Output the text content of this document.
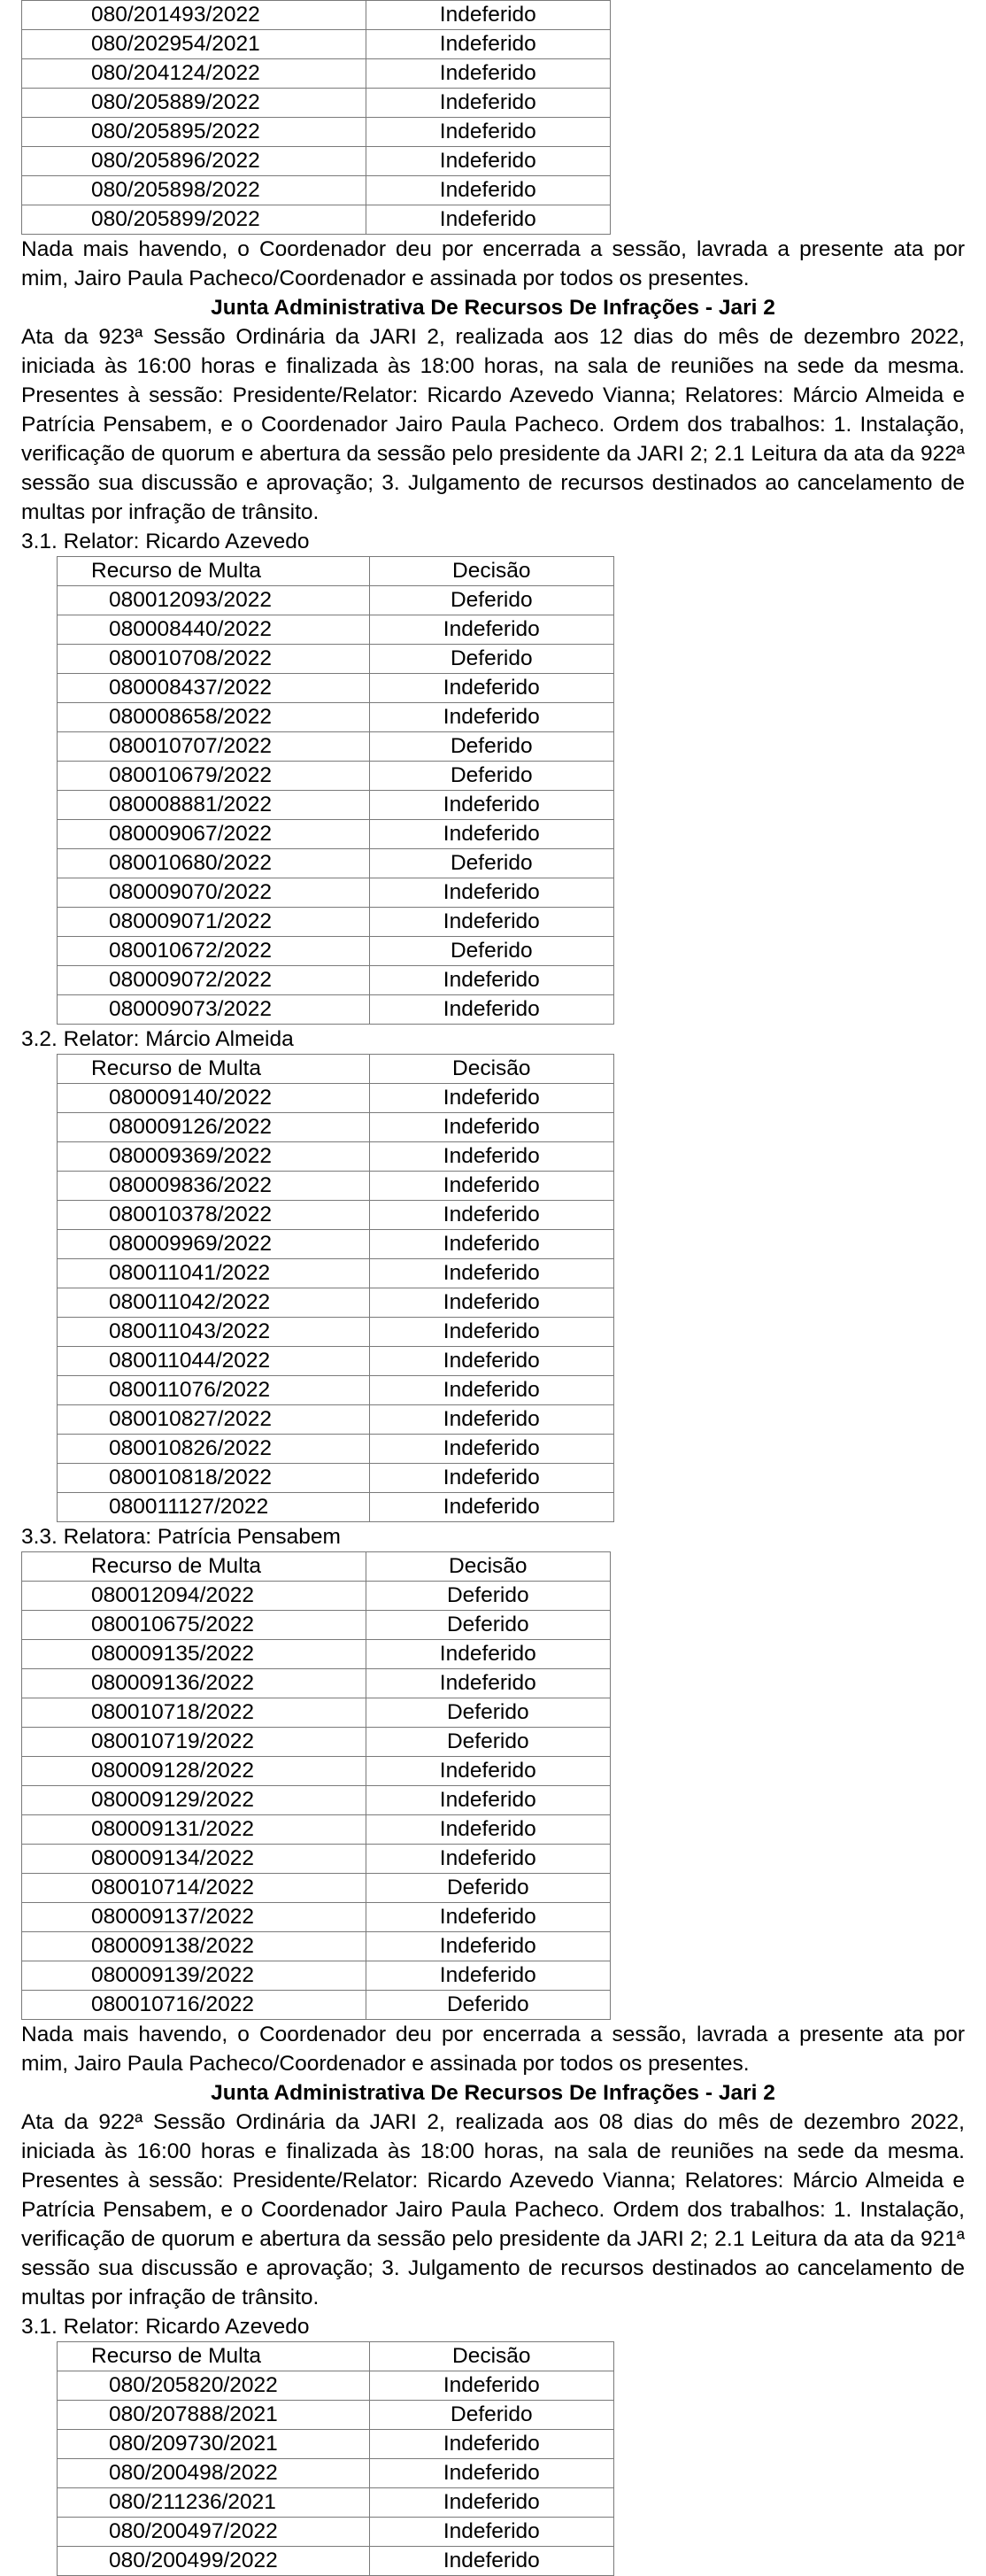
080/201493/2022	Indeferido
080/202954/2021	Indeferido
080/204124/2022	Indeferido
080/205889/2022	Indeferido
080/205895/2022	Indeferido
080/205896/2022	Indeferido
080/205898/2022	Indeferido
080/205899/2022	Indeferido

Nada mais havendo, o Coordenador deu por encerrada a sessão, lavrada a presente ata por mim, Jairo Paula Pacheco/Coordenador e assinada por todos os presentes.

Junta Administrativa De Recursos De Infrações - Jari 2

Ata da 923ª Sessão Ordinária da JARI 2, realizada aos 12 dias do mês de dezembro 2022, iniciada às 16:00 horas e finalizada às 18:00 horas, na sala de reuniões na sede da mesma. Presentes à sessão: Presidente/Relator: Ricardo Azevedo Vianna; Relatores: Márcio Almeida e Patrícia Pensabem, e o Coordenador Jairo Paula Pacheco. Ordem dos trabalhos: 1. Instalação, verificação de quorum e abertura da sessão pelo presidente da JARI 2; 2.1 Leitura da ata da 922ª sessão sua discussão e aprovação; 3. Julgamento de recursos destinados ao cancelamento de multas por infração de trânsito.

3.1. Relator: Ricardo Azevedo

Recurso de Multa	Decisão
080012093/2022	Deferido
080008440/2022	Indeferido
080010708/2022	Deferido
080008437/2022	Indeferido
080008658/2022	Indeferido
080010707/2022	Deferido
080010679/2022	Deferido
080008881/2022	Indeferido
080009067/2022	Indeferido
080010680/2022	Deferido
080009070/2022	Indeferido
080009071/2022	Indeferido
080010672/2022	Deferido
080009072/2022	Indeferido
080009073/2022	Indeferido

3.2. Relator: Márcio Almeida

Recurso de Multa	Decisão
080009140/2022	Indeferido
080009126/2022	Indeferido
080009369/2022	Indeferido
080009836/2022	Indeferido
080010378/2022	Indeferido
080009969/2022	Indeferido
080011041/2022	Indeferido
080011042/2022	Indeferido
080011043/2022	Indeferido
080011044/2022	Indeferido
080011076/2022	Indeferido
080010827/2022	Indeferido
080010826/2022	Indeferido
080010818/2022	Indeferido
080011127/2022	Indeferido

3.3. Relatora: Patrícia Pensabem

Recurso de Multa	Decisão
080012094/2022	Deferido
080010675/2022	Deferido
080009135/2022	Indeferido
080009136/2022	Indeferido
080010718/2022	Deferido
080010719/2022	Deferido
080009128/2022	Indeferido
080009129/2022	Indeferido
080009131/2022	Indeferido
080009134/2022	Indeferido
080010714/2022	Deferido
080009137/2022	Indeferido
080009138/2022	Indeferido
080009139/2022	Indeferido
080010716/2022	Deferido

Nada mais havendo, o Coordenador deu por encerrada a sessão, lavrada a presente ata por mim, Jairo Paula Pacheco/Coordenador e assinada por todos os presentes.

Junta Administrativa De Recursos De Infrações - Jari 2

Ata da 922ª Sessão Ordinária da JARI 2, realizada aos 08 dias do mês de dezembro 2022, iniciada às 16:00 horas e finalizada às 18:00 horas, na sala de reuniões na sede da mesma. Presentes à sessão: Presidente/Relator: Ricardo Azevedo Vianna; Relatores: Márcio Almeida e Patrícia Pensabem, e o Coordenador Jairo Paula Pacheco. Ordem dos trabalhos: 1. Instalação, verificação de quorum e abertura da sessão pelo presidente da JARI 2; 2.1 Leitura da ata da 921ª sessão sua discussão e aprovação; 3. Julgamento de recursos destinados ao cancelamento de multas por infração de trânsito.

3.1. Relator: Ricardo Azevedo

Recurso de Multa	Decisão
080/205820/2022	Indeferido
080/207888/2021	Deferido
080/209730/2021	Indeferido
080/200498/2022	Indeferido
080/211236/2021	Indeferido
080/200497/2022	Indeferido
080/200499/2022	Indeferido
